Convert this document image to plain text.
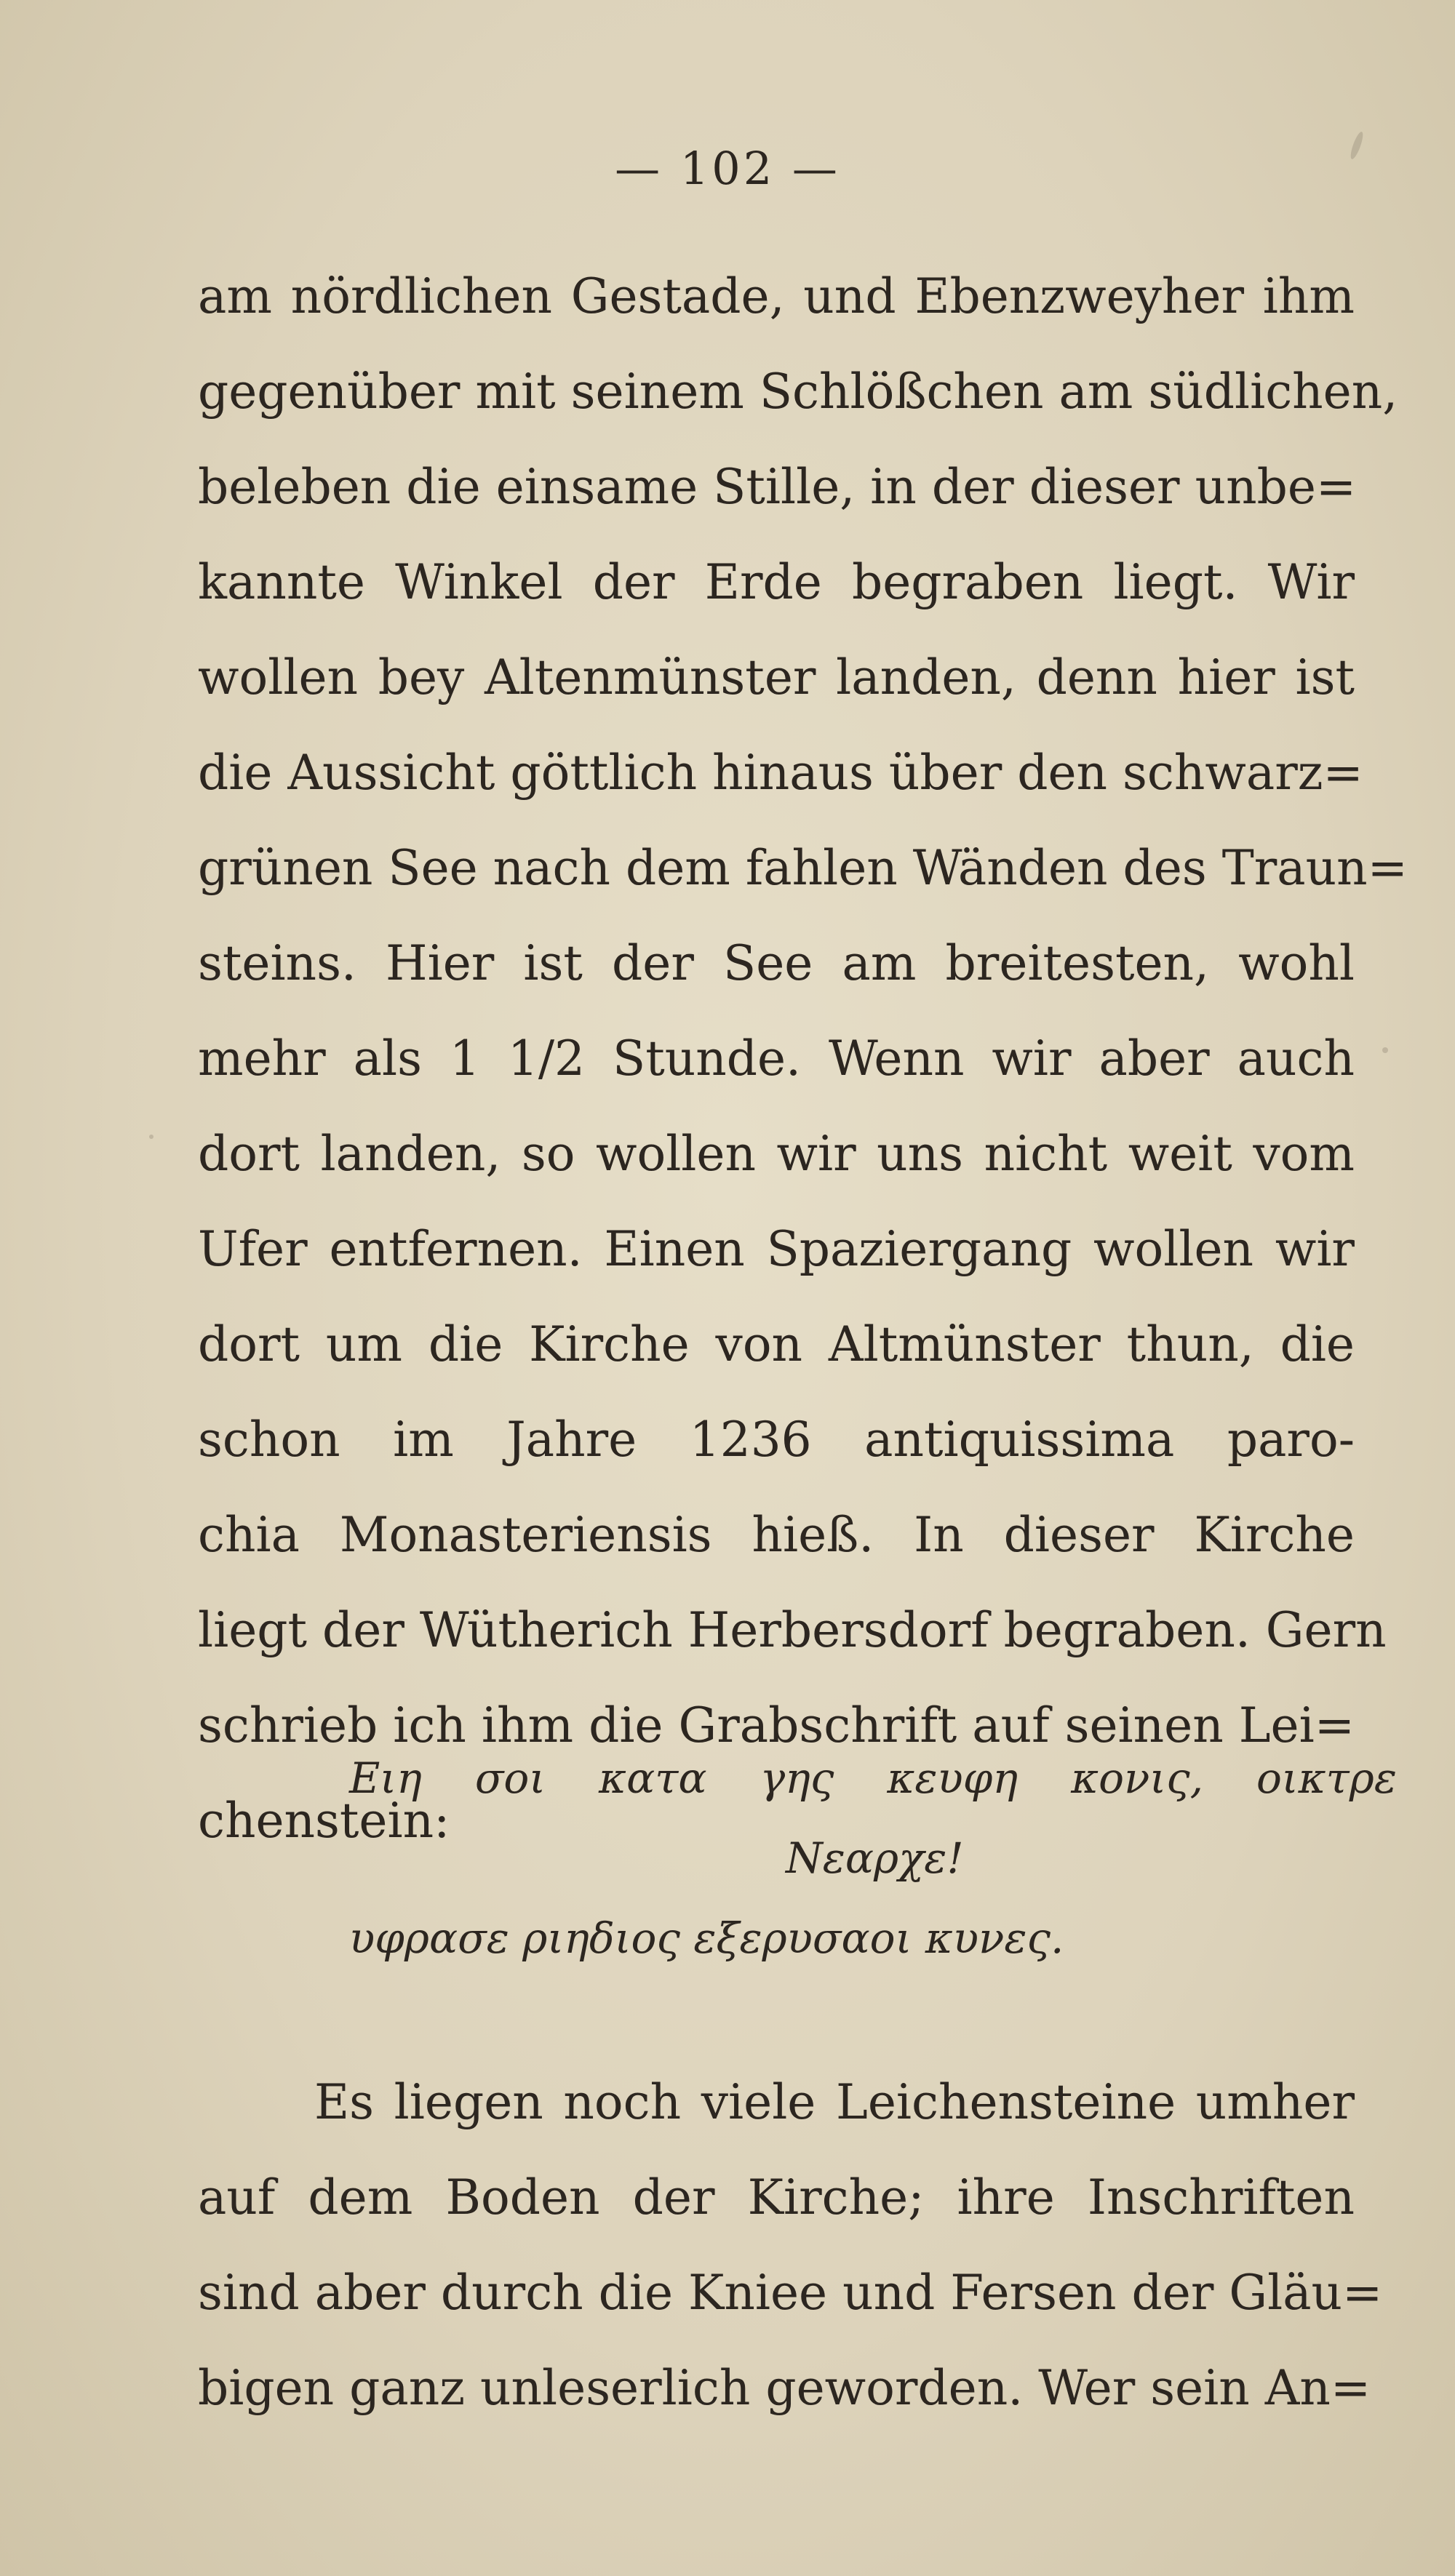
— 102 —
am nördlichen Gestade, und Ebenzweyher ihm
gegenüber mit seinem Schlößchen am südlichen,
beleben die einsame Stille, in der dieser unbe=
kannte Winkel der Erde begraben liegt. Wir
wollen bey Altenmünster landen, denn hier ist
die Aussicht göttlich hinaus über den schwarz=
grünen See nach dem fahlen Wänden des Traun=
steins. Hier ist der See am breitesten, wohl
mehr als 1 1/2 Stunde. Wenn wir aber auch
dort landen, so wollen wir uns nicht weit vom
Ufer entfernen. Einen Spaziergang wollen wir
dort um die Kirche von Altmünster thun, die
schon im Jahre 1236 antiquissima paro-
chia Monasteriensis hieß. In dieser Kirche
liegt der Wütherich Herbersdorf begraben. Gern
schrieb ich ihm die Grabschrift auf seinen Lei=
chenstein:
Ειη σοι κατα γης κευφη κονις, οικτρε
Νεαρχε!
υφρασε ριηδιος εξερυσαοι κυνες.
Es liegen noch viele Leichensteine umher
auf dem Boden der Kirche; ihre Inschriften
sind aber durch die Kniee und Fersen der Gläu=
bigen ganz unleserlich geworden. Wer sein An=
